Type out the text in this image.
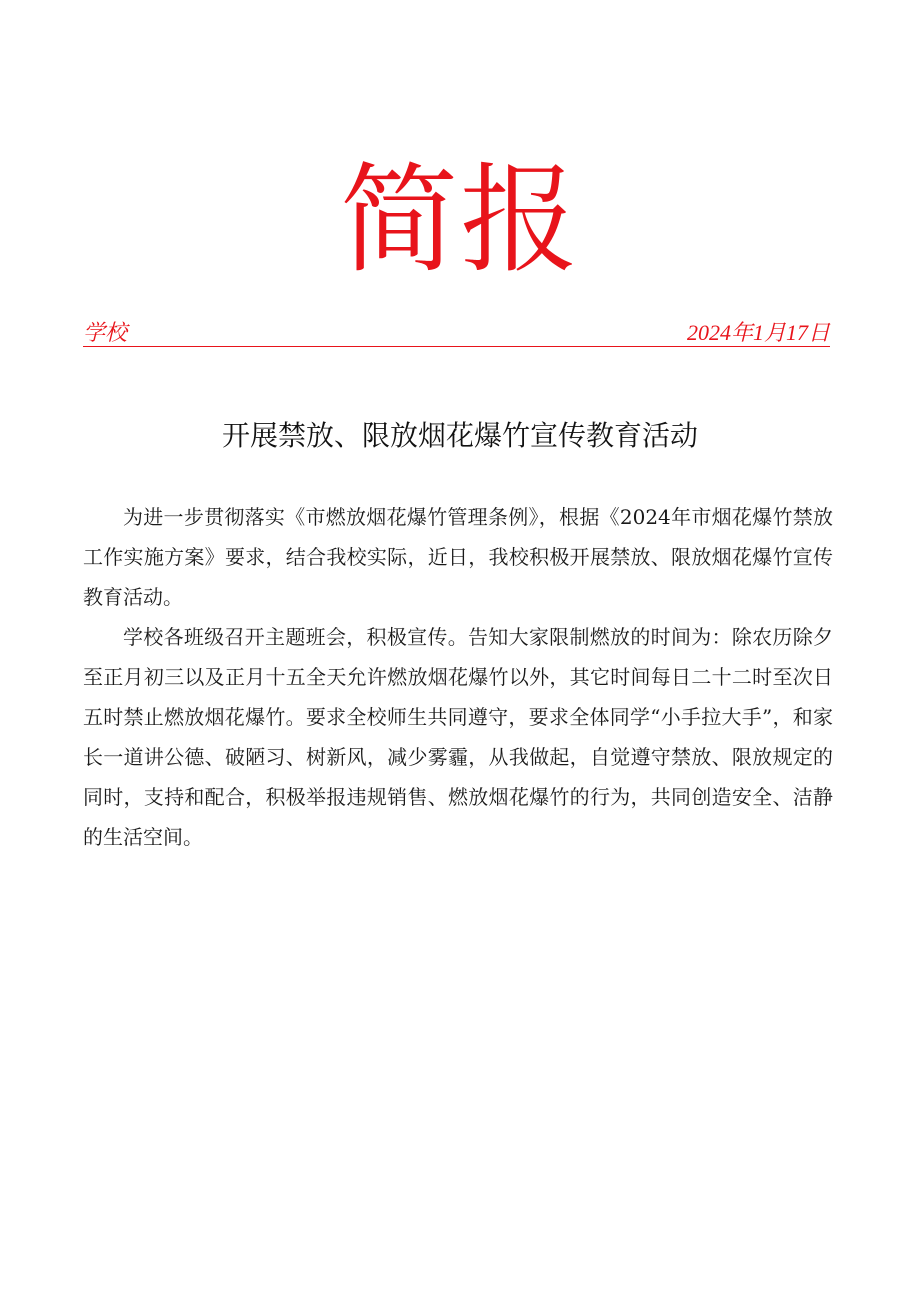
简报
学校	2024年1月17日
开展禁放、限放烟花爆竹宣传教育活动

为进一步贯彻落实《市燃放烟花爆竹管理条例》，根据《2024年市烟花爆竹禁放工作实施方案》要求，结合我校实际，近日，我校积极开展禁放、限放烟花爆竹宣传教育活动。

学校各班级召开主题班会，积极宣传。告知大家限制燃放的时间为：除农历除夕至正月初三以及正月十五全天允许燃放烟花爆竹以外，其它时间每日二十二时至次日五时禁止燃放烟花爆竹。要求全校师生共同遵守，要求全体同学“小手拉大手”，和家长一道讲公德、破陋习、树新风，减少雾霾，从我做起，自觉遵守禁放、限放规定的同时，支持和配合，积极举报违规销售、燃放烟花爆竹的行为，共同创造安全、洁静的生活空间。
